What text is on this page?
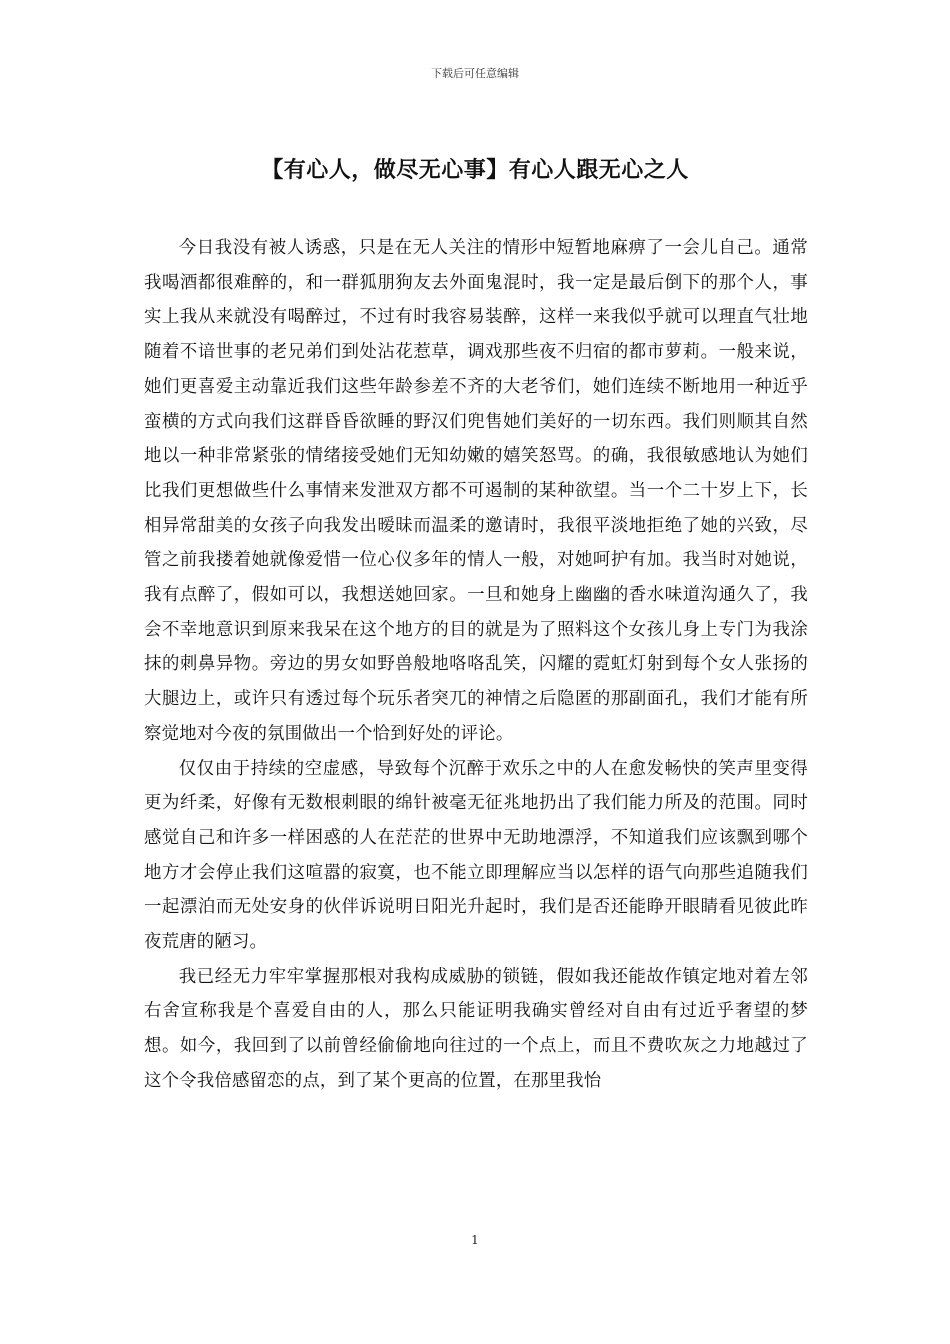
下载后可任意编辑
【有心人，做尽无心事】有心人跟无心之人

今日我没有被人诱惑，只是在无人关注的情形中短暂地麻痹了一会儿自己。通常我喝酒都很难醉的，和一群狐朋狗友去外面鬼混时，我一定是最后倒下的那个人，事实上我从来就没有喝醉过，不过有时我容易装醉，这样一来我似乎就可以理直气壮地随着不谙世事的老兄弟们到处沾花惹草，调戏那些夜不归宿的都市萝莉。一般来说，她们更喜爱主动靠近我们这些年龄参差不齐的大老爷们，她们连续不断地用一种近乎蛮横的方式向我们这群昏昏欲睡的野汉们兜售她们美好的一切东西。我们则顺其自然地以一种非常紧张的情绪接受她们无知幼嫩的嬉笑怒骂。的确，我很敏感地认为她们比我们更想做些什么事情来发泄双方都不可遏制的某种欲望。当一个二十岁上下，长相异常甜美的女孩子向我发出暧昧而温柔的邀请时，我很平淡地拒绝了她的兴致，尽管之前我搂着她就像爱惜一位心仪多年的情人一般，对她呵护有加。我当时对她说，我有点醉了，假如可以，我想送她回家。一旦和她身上幽幽的香水味道沟通久了，我会不幸地意识到原来我呆在这个地方的目的就是为了照料这个女孩儿身上专门为我涂抹的刺鼻异物。旁边的男女如野兽般地咯咯乱笑，闪耀的霓虹灯射到每个女人张扬的大腿边上，或许只有透过每个玩乐者突兀的神情之后隐匿的那副面孔，我们才能有所察觉地对今夜的氛围做出一个恰到好处的评论。

仅仅由于持续的空虚感，导致每个沉醉于欢乐之中的人在愈发畅快的笑声里变得更为纤柔，好像有无数根刺眼的绵针被毫无征兆地扔出了我们能力所及的范围。同时感觉自己和许多一样困惑的人在茫茫的世界中无助地漂浮，不知道我们应该飘到哪个地方才会停止我们这喧嚣的寂寞，也不能立即理解应当以怎样的语气向那些追随我们一起漂泊而无处安身的伙伴诉说明日阳光升起时，我们是否还能睁开眼睛看见彼此昨夜荒唐的陋习。

我已经无力牢牢掌握那根对我构成威胁的锁链，假如我还能故作镇定地对着左邻右舍宣称我是个喜爱自由的人，那么只能证明我确实曾经对自由有过近乎奢望的梦想。如今，我回到了以前曾经偷偷地向往过的一个点上，而且不费吹灰之力地越过了这个令我倍感留恋的点，到了某个更高的位置，在那里我怡

1
